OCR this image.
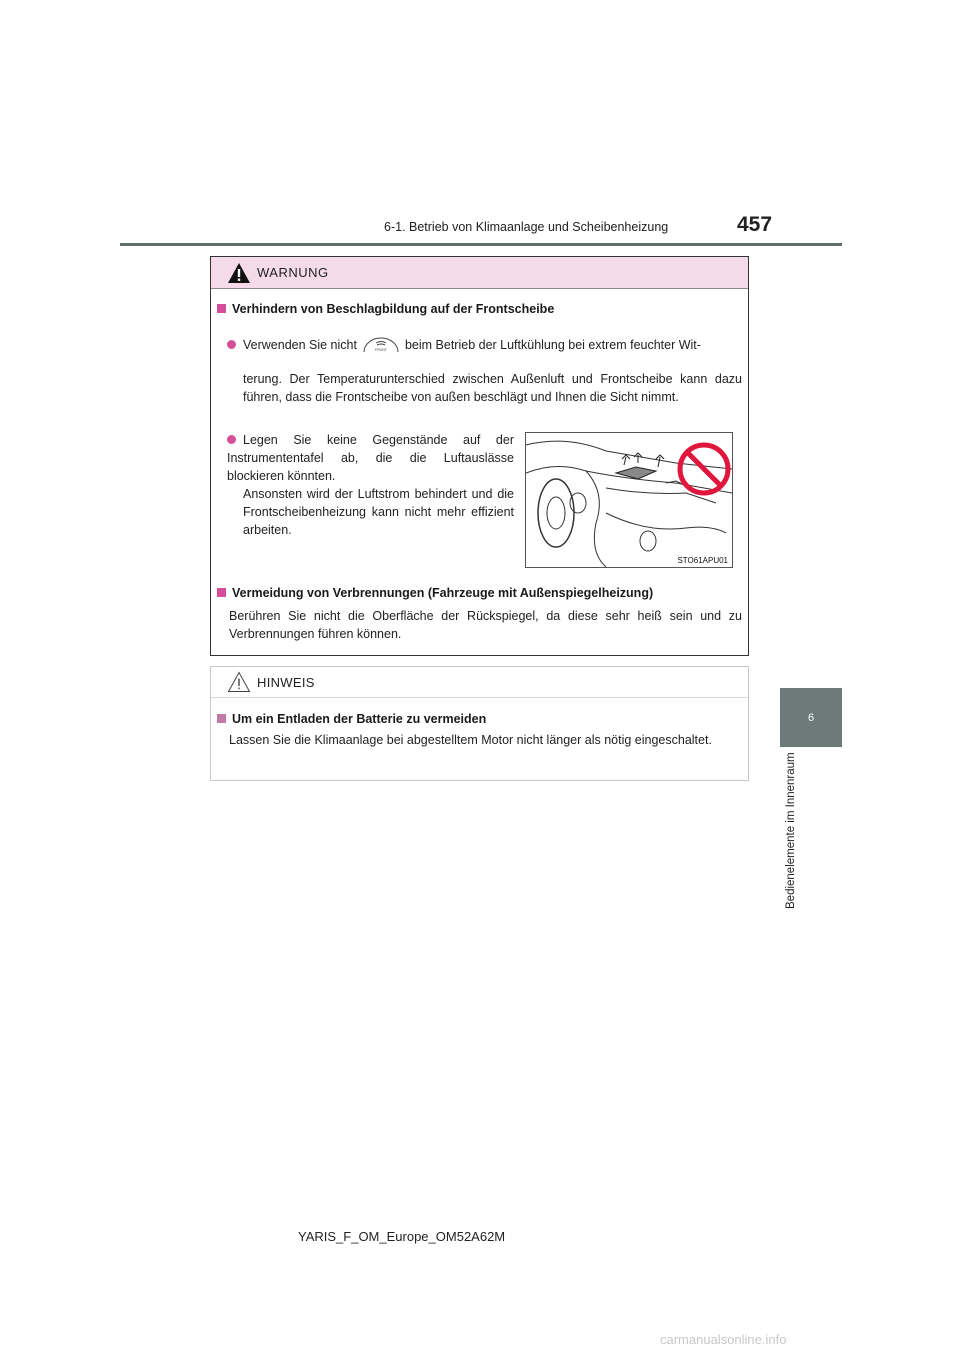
6-1. Betrieb von Klimaanlage und Scheibenheizung	457
6
Bedienelemente im Innenraum
WARNUNG
Verhindern von Beschlagbildung auf der Frontscheibe
Verwenden Sie nicht	FRONT beim Betrieb der Luftkühlung bei extrem feuchter Wit-
terung. Der Temperaturunterschied zwischen Außenluft und Frontscheibe kann dazu führen, dass die Frontscheibe von außen beschlägt und Ihnen die Sicht nimmt.
Legen Sie keine Gegenstände auf der Instrumententafel ab, die die Luftauslässe blockieren könnten.
Ansonsten wird der Luftstrom behindert und die Frontscheibenheizung kann nicht mehr effizient arbeiten.
Vermeidung von Verbrennungen (Fahrzeuge mit Außenspiegelheizung)
Berühren Sie nicht die Oberfläche der Rückspiegel, da diese sehr heiß sein und zu Verbrennungen führen können.
STO61APU01
HINWEIS
Um ein Entladen der Batterie zu vermeiden
Lassen Sie die Klimaanlage bei abgestelltem Motor nicht länger als nötig eingeschaltet.
YARIS_F_OM_Europe_OM52A62M
carmanualsonline.info
